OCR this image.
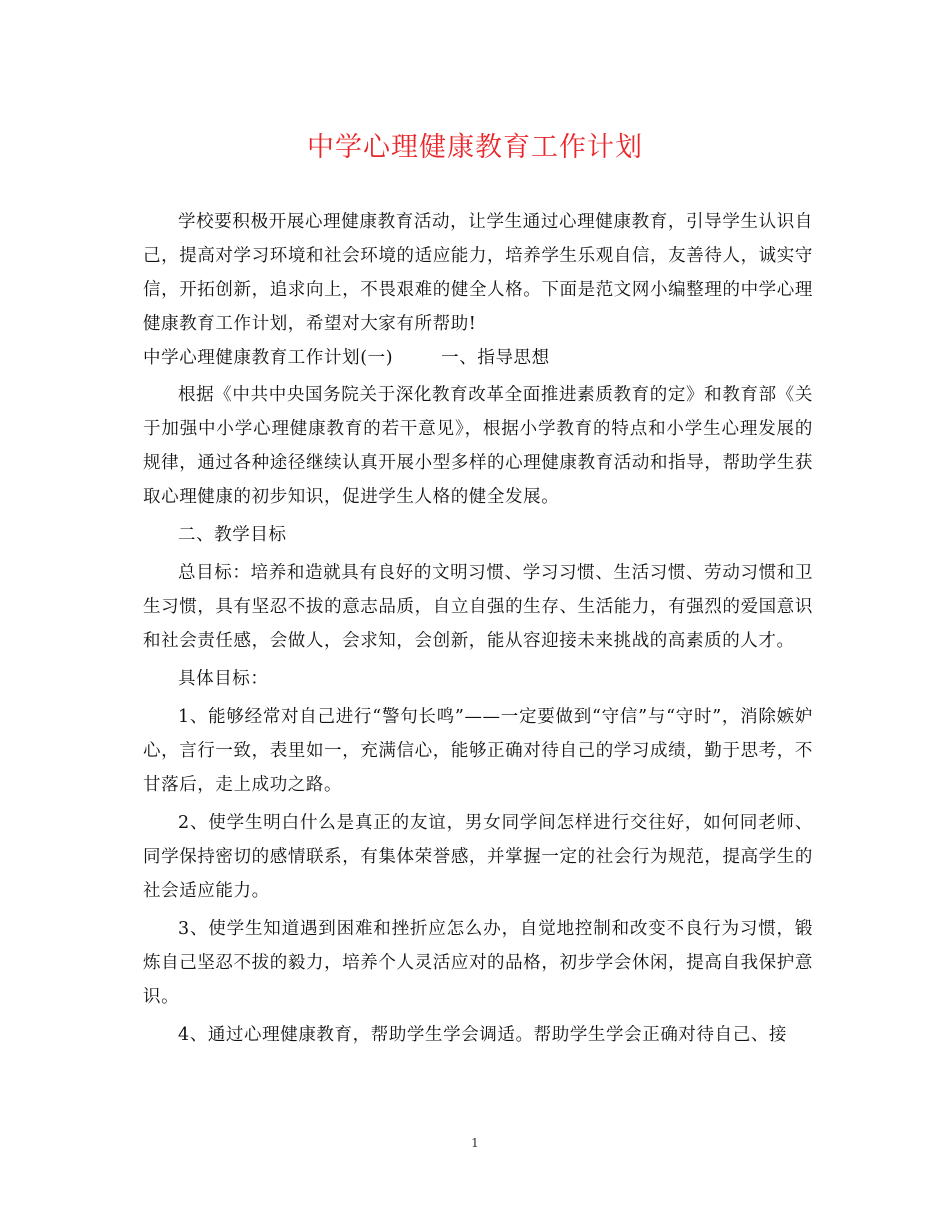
中学心理健康教育工作计划

学校要积极开展心理健康教育活动，让学生通过心理健康教育，引导学生认识自己，提高对学习环境和社会环境的适应能力，培养学生乐观自信，友善待人，诚实守信，开拓创新，追求向上，不畏艰难的健全人格。下面是范文网小编整理的中学心理健康教育工作计划，希望对大家有所帮助!

中学心理健康教育工作计划(一)	一、指导思想

根据《中共中央国务院关于深化教育改革全面推进素质教育的定》和教育部《关于加强中小学心理健康教育的若干意见》，根据小学教育的特点和小学生心理发展的规律，通过各种途径继续认真开展小型多样的心理健康教育活动和指导，帮助学生获取心理健康的初步知识，促进学生人格的健全发展。

二、教学目标

总目标：培养和造就具有良好的文明习惯、学习习惯、生活习惯、劳动习惯和卫生习惯，具有坚忍不拔的意志品质，自立自强的生存、生活能力，有强烈的爱国意识和社会责任感，会做人，会求知，会创新，能从容迎接未来挑战的高素质的人才。

具体目标：

1、能够经常对自己进行“警句长鸣”——一定要做到“守信”与“守时”，消除嫉妒心，言行一致，表里如一，充满信心，能够正确对待自己的学习成绩，勤于思考，不甘落后，走上成功之路。

2、使学生明白什么是真正的友谊，男女同学间怎样进行交往好，如何同老师、同学保持密切的感情联系，有集体荣誉感，并掌握一定的社会行为规范，提高学生的社会适应能力。

3、使学生知道遇到困难和挫折应怎么办，自觉地控制和改变不良行为习惯，锻炼自己坚忍不拔的毅力，培养个人灵活应对的品格，初步学会休闲，提高自我保护意识。

4、通过心理健康教育，帮助学生学会调适。帮助学生学会正确对待自己、接

1
